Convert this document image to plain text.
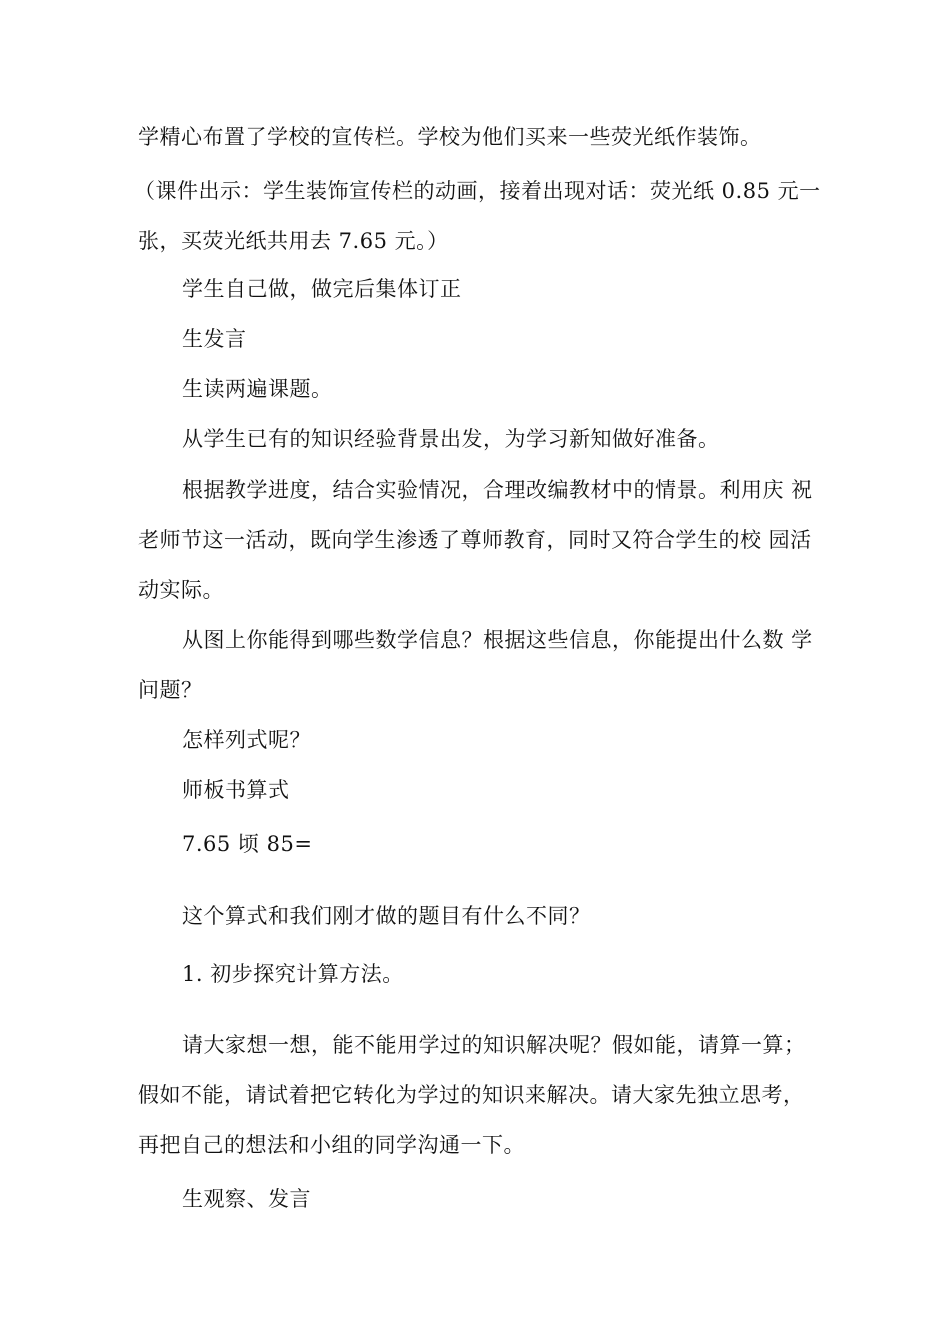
学精心布置了学校的宣传栏。学校为他们买来一些荧光纸作装饰。
（课件出示：学生装饰宣传栏的动画，接着出现对话：荧光纸 0.85 元一
张，买荧光纸共用去 7.65 元。）
学生自己做，做完后集体订正
生发言
生读两遍课题。
从学生已有的知识经验背景出发，为学习新知做好准备。
根据教学进度，结合实验情况，合理改编教材中的情景。利用庆 祝
老师节这一活动，既向学生渗透了尊师教育，同时又符合学生的校 园活
动实际。
从图上你能得到哪些数学信息？根据这些信息，你能提出什么数 学
问题？
怎样列式呢？
师板书算式
7.65 顷 85=
这个算式和我们刚才做的题目有什么不同？
1. 初步探究计算方法。
请大家想一想，能不能用学过的知识解决呢？假如能，请算一算；
假如不能，请试着把它转化为学过的知识来解决。请大家先独立思考，
再把自己的想法和小组的同学沟通一下。
生观察、发言
